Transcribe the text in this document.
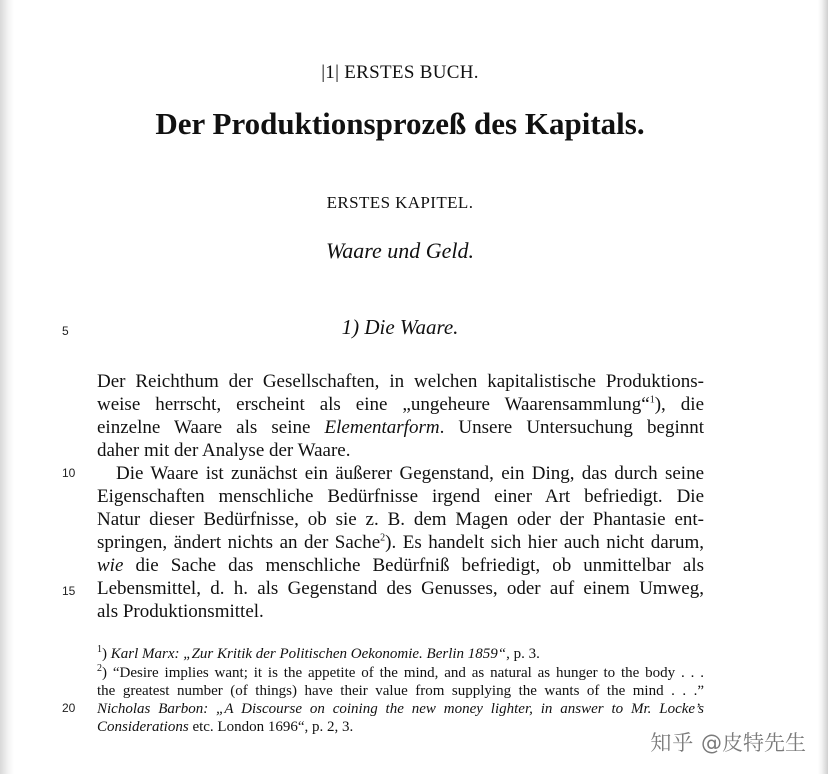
|1| ERSTES BUCH.
Der Produktionsprozeß des Kapitals.
ERSTES KAPITEL.
Waare und Geld.
1) Die Waare.
5
10
15
20
Der Reichthum der Gesellschaften, in welchen kapitalistische Produktions-
weise herrscht, erscheint als eine „ungeheure Waarensammlung“$^1$), die
einzelne Waare als seine Elementarform. Unsere Untersuchung beginnt
daher mit der Analyse der Waare.
Die Waare ist zunächst ein äußerer Gegenstand, ein Ding, das durch seine
Eigenschaften menschliche Bedürfnisse irgend einer Art befriedigt. Die
Natur dieser Bedürfnisse, ob sie z. B. dem Magen oder der Phantasie ent-
springen, ändert nichts an der Sache$^2$). Es handelt sich hier auch nicht darum,
wie die Sache das menschliche Bedürfniß befriedigt, ob unmittelbar als
Lebensmittel, d. h. als Gegenstand des Genusses, oder auf einem Umweg,
als Produktionsmittel.
$^1$) Karl Marx: „Zur Kritik der Politischen Oekonomie. Berlin 1859“, p. 3.
$^2$) “Desire implies want; it is the appetite of the mind, and as natural as hunger to the body . . .
the greatest number (of things) have their value from supplying the wants of the mind . . .”
Nicholas Barbon: „A Discourse on coining the new money lighter, in answer to Mr. Locke’s
Considerations etc. London 1696“, p. 2, 3.
知乎 @皮特先生
